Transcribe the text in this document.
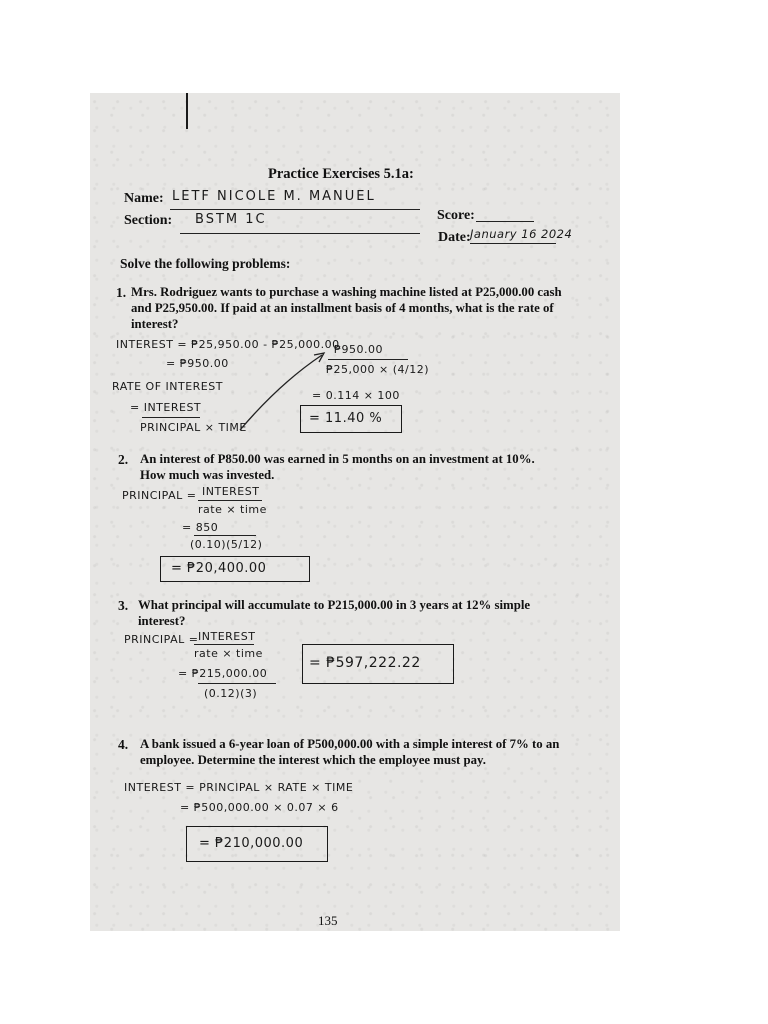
Practice Exercises 5.1a:
Name: LETF NICOLE M. MANUEL
Section: BSTM 1C	Score:
Date: January 16 2024
Solve the following problems:
1. Mrs. Rodriguez wants to purchase a washing machine listed at P25,000.00 cash
and P25,950.00. If paid at an installment basis of 4 months, what is the rate of
interest?
INTEREST = ₱25,950.00 - ₱25,000.00
= ₱950.00
RATE OF INTEREST
= INTEREST
PRINCIPAL × TIME
₱950.00
₱25,000 × (4/12)
= 0.114 × 100
= 11.40 %
2. An interest of P850.00 was earned in 5 months on an investment at 10%.
How much was invested.
PRINCIPAL = INTEREST
rate × time
= 850
(0.10)(5/12)
= ₱20,400.00
3. What principal will accumulate to P215,000.00 in 3 years at 12% simple
interest?
PRINCIPAL = INTEREST
rate × time
= ₱215,000.00
(0.12)(3)
= ₱597,222.22
4. A bank issued a 6-year loan of P500,000.00 with a simple interest of 7% to an
employee. Determine the interest which the employee must pay.
INTEREST = PRINCIPAL × RATE × TIME
= ₱500,000.00 × 0.07 × 6
= ₱210,000.00
135
